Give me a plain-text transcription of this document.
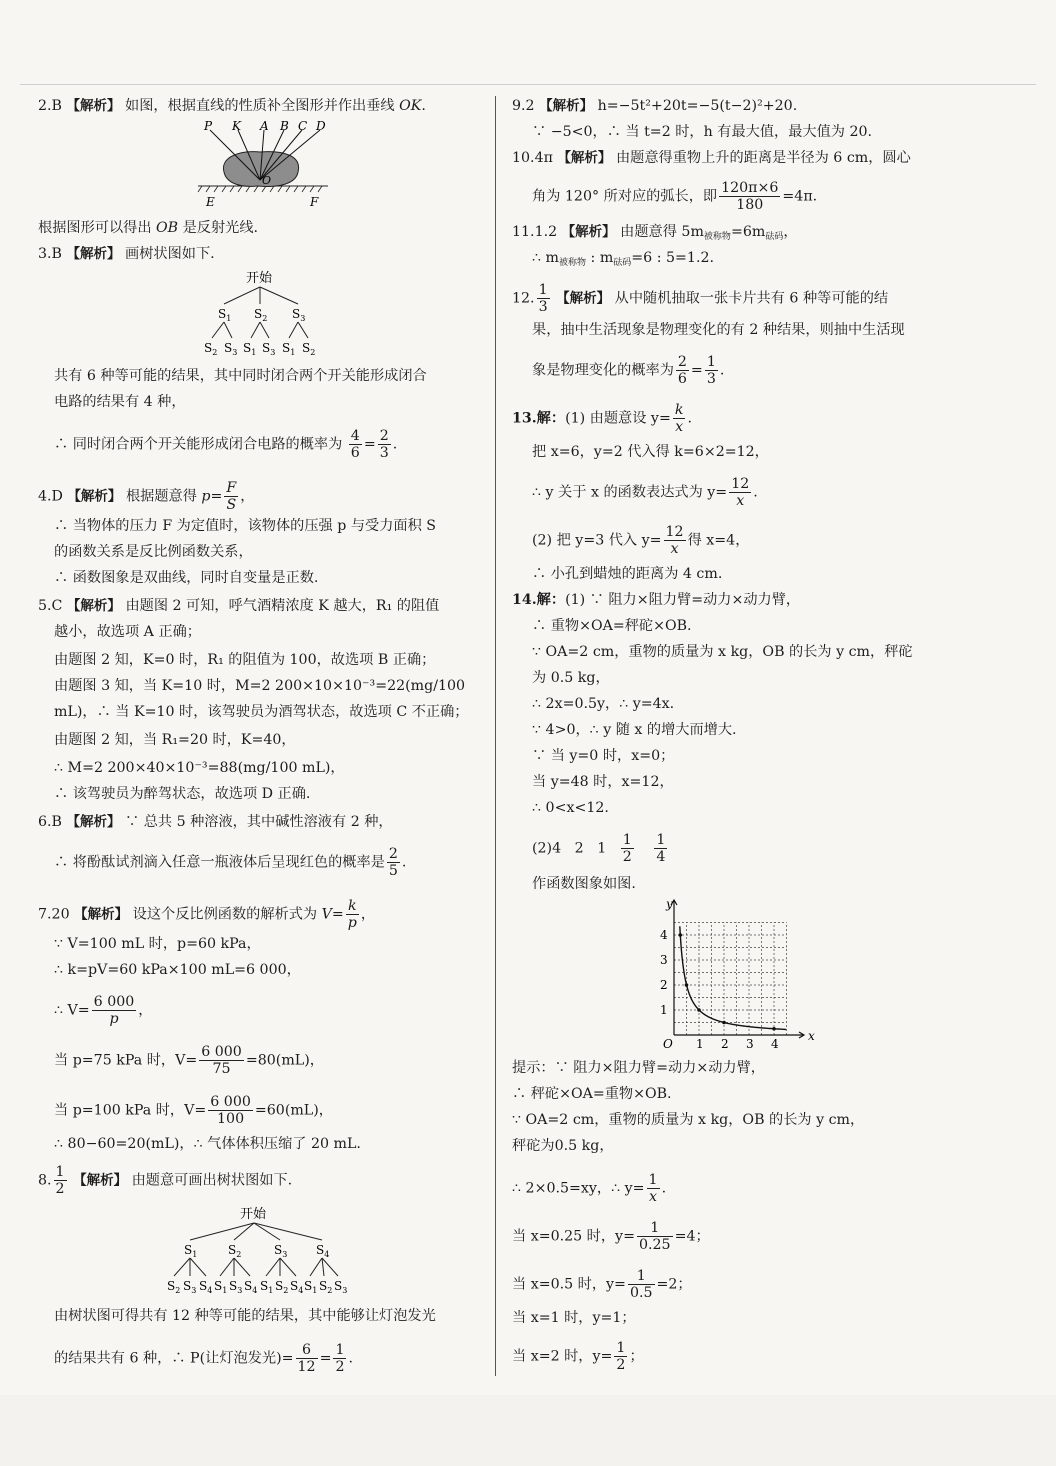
2.B 【解析】 如图，根据直线的性质补全图形并作出垂线 OK.
P K A B C D
O
E	F
根据图形可以得出 OB 是反射光线.
3.B 【解析】 画树状图如下.
开始
$S_1$ $S_2$ $S_3$
$S_2$ $S_3$ $S_1$ $S_3$ $S_1$ $S_2$
共有 6 种等可能的结果，其中同时闭合两个开关能形成闭合
电路的结果有 4 种，
∴ 同时闭合两个开关能形成闭合电路的概率为 $\frac{4}{6} = \frac{2}{3}$ .
4.D 【解析】 根据题意得 $p= \frac{F}{S}$ ，
∴ 当物体的压力 F 为定值时，该物体的压强 p 与受力面积 S
的函数关系是反比例函数关系，
∴ 函数图象是双曲线，同时自变量是正数.
5.C 【解析】 由题图 2 可知，呼气酒精浓度 K 越大，R₁ 的阻值
越小，故选项 A 正确；
由题图 2 知，K=0 时，R₁ 的阻值为 100，故选项 B 正确；
由题图 3 知，当 K=10 时，M=2 200×10×10⁻³=22(mg/100
mL)，∴ 当 K=10 时，该驾驶员为酒驾状态，故选项 C 不正确；
由题图 2 知，当 R₁=20 时，K=40，
∴ M=2 200×40×10⁻³=88(mg/100 mL)，
∴ 该驾驶员为醉驾状态，故选项 D 正确.
6.B 【解析】 ∵ 总共 5 种溶液，其中碱性溶液有 2 种，
∴ 将酚酞试剂滴入任意一瓶液体后呈现红色的概率是 $\frac{2}{5}$ .
7.20 【解析】 设这个反比例函数的解析式为 $V= \frac{k}{p}$ ，
∵ V=100 mL 时，p=60 kPa，
∴ k=pV=60 kPa×100 mL=6 000，
∴ $V= \frac{6 000}{p}$ ，
当 p=75 kPa 时，$V= \frac{6 000}{75} =80(mL)$，
当 p=100 kPa 时，$V= \frac{6 000}{100} =60(mL)$，
∴ 80−60=20(mL)，∴ 气体体积压缩了 20 mL.
8. $\frac{1}{2}$ 【解析】 由题意可画出树状图如下.
开始
$S_1$	$S_2$	$S_3$ $S_4$
$S_2$ $S_3$ $S_4$ $S_1$ $S_3$ $S_4$ $S_1$ $S_2$ $S_4$ $S_1$ $S_2$ $S_3$
由树状图可得共有 12 种等可能的结果，其中能够让灯泡发光
的结果共有 6 种，∴ P(让灯泡发光)= $\frac{6}{12} = \frac{1}{2}$ .
9.2 【解析】 h=−5t²+20t=−5(t−2)²+20.
∵ −5<0，∴ 当 t=2 时，h 有最大值，最大值为 20.
10.4π 【解析】 由题意得重物上升的距离是半径为 6 cm，圆心
角为 120° 所对应的弧长，即 $\frac{120\pi\times 6}{180} =4\pi$.
11.1.2 【解析】 由题意得 $5m_{被称物}=6m_{砝码}$，
∴ $m_{被称物}$ : $m_{砝码}=6$ : 5=1.2.
12. $\frac{1}{3}$ 【解析】 从中随机抽取一张卡片共有 6 种等可能的结
果，抽中生活现象是物理变化的有 2 种结果，则抽中生活现
象是物理变化的概率为 $\frac{2}{6} = \frac{1}{3}$ .
13.解：(1) 由题意设 $y= \frac{k}{x}$ .
把 x=6，y=2 代入得 k=6×2=12，
∴ y 关于 x 的函数表达式为 $y= \frac{12}{x}$ .
(2) 把 y=3 代入 $y= \frac{12}{x}$ 得 x=4，
∴ 小孔到蜡烛的距离为 4 cm.
14.解：(1) ∵ 阻力×阻力臂=动力×动力臂，
∴ 重物×OA=秤砣×OB.
∵ OA=2 cm，重物的质量为 x kg，OB 的长为 y cm，秤砣
为 0.5 kg，
∴ 2x=0.5y，∴ y=4x.
∵ 4>0，∴ y 随 x 的增大而增大.
∵ 当 y=0 时，x=0；
当 y=48 时，x=12，
∴ 0<x<12.
(2)4   2   $1 \frac{1}{2}$
$\frac{1}{4}$
作函数图象如图.
y
x
O 1 2 3 4
1
2
3
4
提示：∵ 阻力×阻力臂=动力×动力臂，
∴ 秤砣×OA=重物×OB.
∵ OA=2 cm，重物的质量为 x kg，OB 的长为 y cm，
秤砣为0.5 kg，
∴ 2×0.5=xy，∴ $y= \frac{1}{x}$ .
当 x=0.25 时，$y= \frac{1}{0.25} =4$；
当 x=0.5 时，$y= \frac{1}{0.5} =2$；
当 x=1 时，y=1；
当 x=2 时，$y= \frac{1}{2}$ ；
